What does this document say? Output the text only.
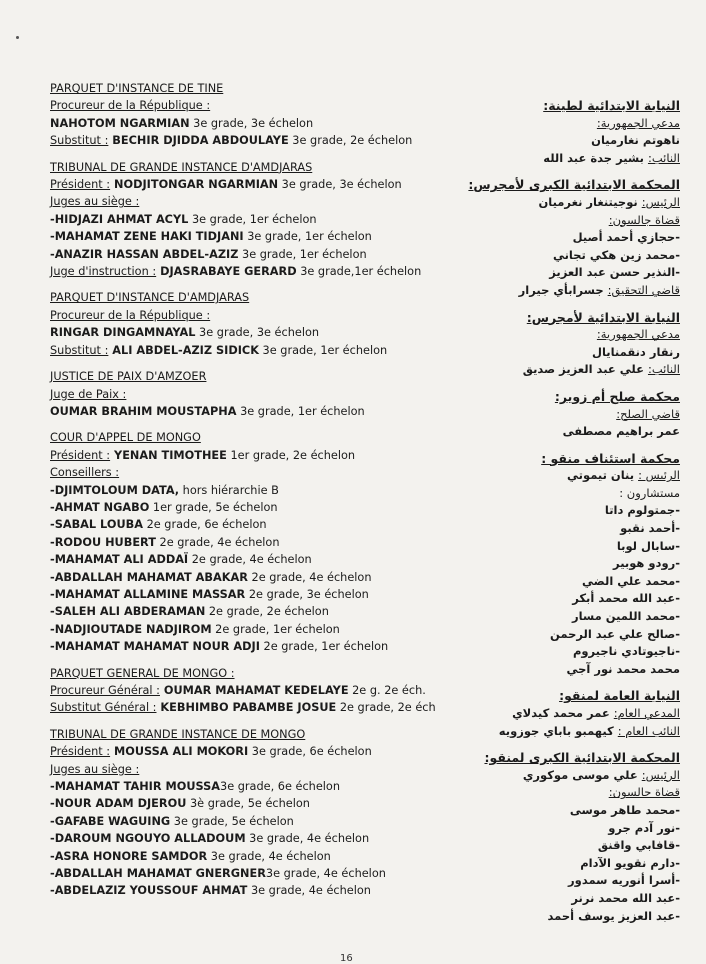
PARQUET D'INSTANCE DE TINE
Procureur de la République :
NAHOTOM NGARMIAN 3e grade, 3e échelon
Substitut : BECHIR DJIDDA ABDOULAYE 3e grade, 2e échelon
TRIBUNAL DE GRANDE INSTANCE D'AMDJARAS
Président : NODJITONGAR NGARMIAN 3e grade, 3e échelon
Juges au siège :
-HIDJAZI AHMAT ACYL 3e grade, 1er échelon
-MAHAMAT ZENE HAKI TIDJANI 3e grade, 1er échelon
-ANAZIR HASSAN ABDEL-AZIZ 3e grade, 1er échelon
Juge d'instruction : DJASRABAYE GERARD 3e grade,1er échelon
PARQUET D'INSTANCE D'AMDJARAS
Procureur de la République :
RINGAR DINGAMNAYAL 3e grade, 3e échelon
Substitut : ALI ABDEL-AZIZ SIDICK 3e grade, 1er échelon
JUSTICE DE PAIX D'AMZOER
Juge de Paix :
OUMAR BRAHIM MOUSTAPHA 3e grade, 1er échelon
COUR D'APPEL DE MONGO
Président : YENAN TIMOTHEE 1er grade, 2e échelon
Conseillers :
-DJIMTOLOUM DATA, hors hiérarchie B
-AHMAT NGABO 1er grade, 5e échelon
-SABAL LOUBA 2e grade, 6e échelon
-RODOU HUBERT 2e grade, 4e échelon
-MAHAMAT ALI ADDAÏ 2e grade, 4e échelon
-ABDALLAH MAHAMAT ABAKAR 2e grade, 4e échelon
-MAHAMAT ALLAMINE MASSAR 2e grade, 3e échelon
-SALEH ALI ABDERAMAN 2e grade, 2e échelon
-NADJIOUTADE NADJIROM 2e grade, 1er échelon
-MAHAMAT MAHAMAT NOUR ADJI 2e grade, 1er échelon
PARQUET GENERAL DE MONGO :
Procureur Général : OUMAR MAHAMAT KEDELAYE 2e g. 2e éch.
Substitut Général : KEBHIMBO PABAMBE JOSUE 2e grade, 2e éch
TRIBUNAL DE GRANDE INSTANCE DE MONGO
Président : MOUSSA ALI MOKORI 3e grade, 6e échelon
Juges au siège :
-MAHAMAT TAHIR MOUSSA3e grade, 6e échelon
-NOUR ADAM DJEROU 3è grade, 5e échelon
-GAFABE WAGUING 3e grade, 5e échelon
-DAROUM NGOUYO ALLADOUM 3e grade, 4e échelon
-ASRA HONORE SAMDOR 3e grade, 4e échelon
-ABDALLAH MAHAMAT GNERGNER3e grade, 4e échelon
-ABDELAZIZ YOUSSOUF AHMAT 3e grade, 4e échelon
النيابة الابتدائية لطينة:
مدعي الجمهورية:
ناهوتم نغارميان
النائب: بشير جدة عبد الله
المحكمة الابتدائية الكبرى لأمجرس:
الرئيس: نوجيتنغار نغرميان
قضاة جالسون:
-حجازي أحمد أصيل
-محمد زين هكي تجاني
-النذير حسن عبد العزيز
قاضي التحقيق: جسرابأي جيرار
النيابة الابتدائية لأمجرس:
مدعي الجمهورية:
رنقار دنقمنايال
النائب: علي عبد العزيز صديق
محكمة صلح أم زوير:
قاضي الصلح:
عمر براهيم مصطفى
محكمة استئناف منقو :
الرئيس : ينان تيموتي
مستشارون :
-جمتولوم داتا
-أحمد نقبو
-سابال لوبا
-رودو هوبير
-محمد علي الضي
-عبد الله محمد أبكر
-محمد اللمين مسار
-صالح علي عبد الرحمن
-ناجيوتادي ناجيروم
محمد محمد نور آجي
النيابة العامة لمنقو:
المدعي العام: عمر محمد كيدلاي
النائب العام : كيهمبو باباي جوزويه
المحكمة الابتدائية الكبرى لمنقو:
الرئيس: علي موسى موكوري
قضاة جالسون:
-محمد طاهر موسى
-نور آدم جرو
-قافابي واقنق
-دارم نقويو الآدام
-أسرا أنوريه سمدور
-عبد الله محمد نرنر
-عبد العزيز يوسف أحمد
16
